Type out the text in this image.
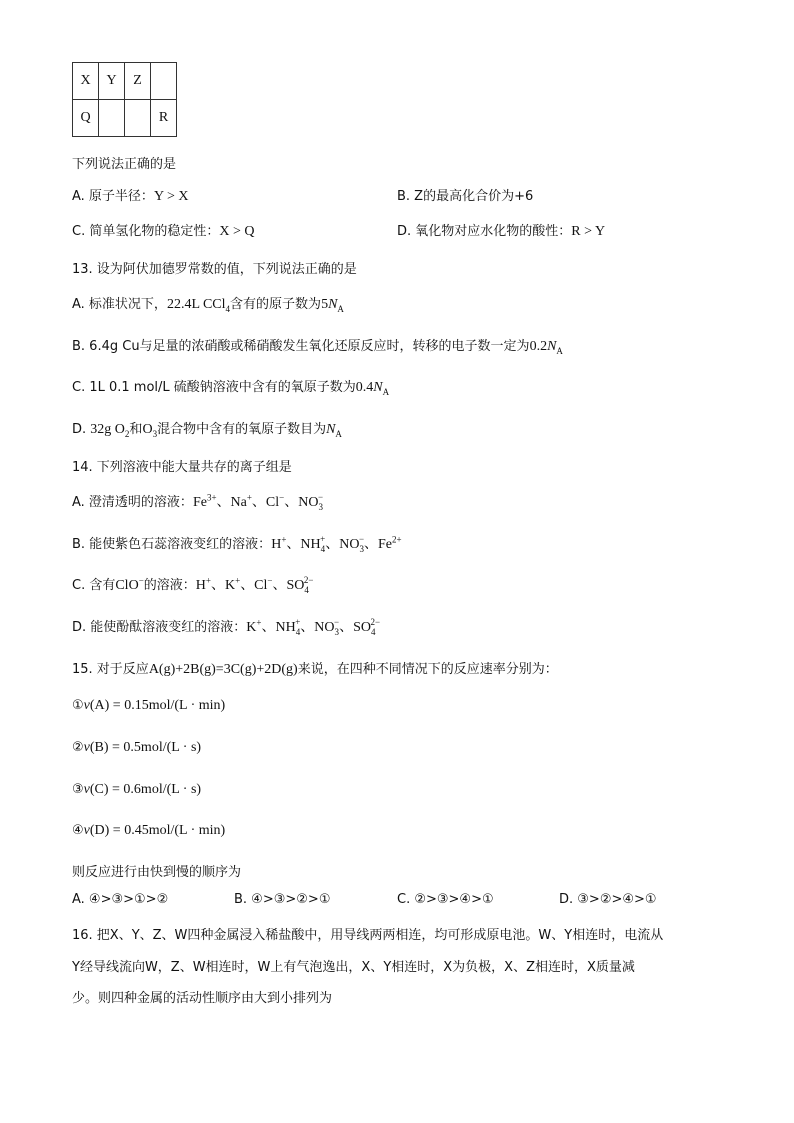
X	Y	Z	
Q			R
下列说法正确的是
A. 原子半径：Y > X	B. Z的最高化合价为+6
C. 简单氢化物的稳定性：X > Q	D. 氧化物对应水化物的酸性：R > Y
13. 设为阿伏加德罗常数的值，下列说法正确的是
A. 标准状况下，22.4L CCl$_4$含有的原子数为$5N_A$
B. 6.4g Cu与足量的浓硝酸或稀硝酸发生氧化还原反应时，转移的电子数一定为$0.2N_A$
C. 1L 0.1 mol/L 硫酸钠溶液中含有的氧原子数为$0.4N_A$
D. 32g $O_2$和$O_3$混合物中含有的氧原子数目为$N_A$
14. 下列溶液中能大量共存的离子组是
A. 澄清透明的溶液：$Fe^{3+}$、Na+、Cl−、$NO_3^-$
B. 能使紫色石蕊溶液变红的溶液：H+、$NH_4^+$、$NO_3^-$、$Fe^{2+}$
C. 含有ClO−的溶液：H+、K+、Cl−、$SO_4^{2-}$
D. 能使酚酞溶液变红的溶液：K+、$NH_4^+$、$NO_3^-$、$SO_4^{2-}$
15. 对于反应A(g)+2B(g)=3C(g)+2D(g)来说，在四种不同情况下的反应速率分别为：
①v(A) = 0.15mol/(L · min)
②v(B) = 0.5mol/(L · s)
③v(C) = 0.6mol/(L · s)
④v(D) = 0.45mol/(L · min)
则反应进行由快到慢的顺序为
A. ④>③>①>②	B. ④>③>②>①	C. ②>③>④>①	D. ③>②>④>①
16. 把X、Y、Z、W四种金属浸入稀盐酸中，用导线两两相连，均可形成原电池。W、Y相连时，电流从
Y经导线流向W，Z、W相连时，W上有气泡逸出，X、Y相连时，X为负极，X、Z相连时，X质量减
少。则四种金属的活动性顺序由大到小排列为
